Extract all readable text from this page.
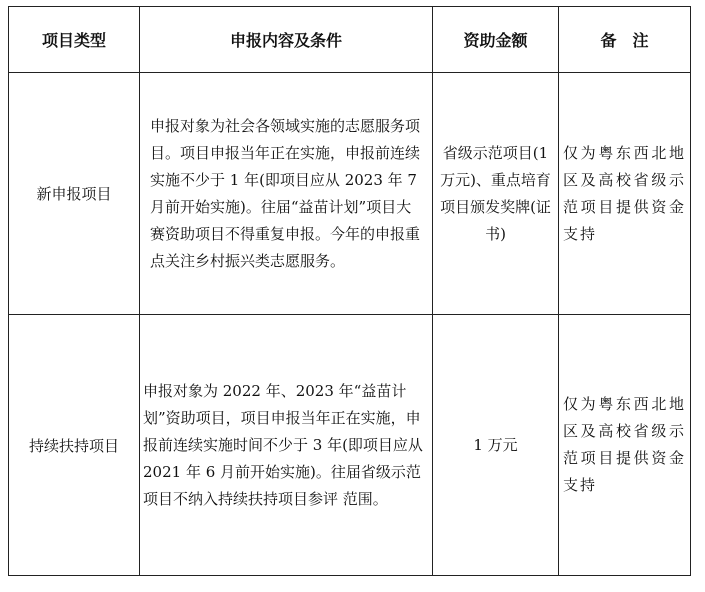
项目类型	申报内容及条件	资助金额	备　注
新申报项目	申报对象为社会各领域实施的志愿服务项目。项目申报当年正在实施，申报前连续实施不少于 1 年(即项目应从 2023 年 7 月前开始实施)。往届“益苗计划”项目大赛资助项目不得重复申报。今年的申报重点关注乡村振兴类志愿服务。	省级示范项目(1万元)、重点培育项目颁发奖牌(证书)	仅为粤东西北地区及高校省级示范项目提供资金支持
持续扶持项目	申报对象为 2022 年、2023 年“益苗计划”资助项目，项目申报当年正在实施，申报前连续实施时间不少于 3 年(即项目应从 2021 年 6 月前开始实施)。往届省级示范项目不纳入持续扶持项目参评 范围。	1 万元	仅为粤东西北地区及高校省级示范项目提供资金支持
